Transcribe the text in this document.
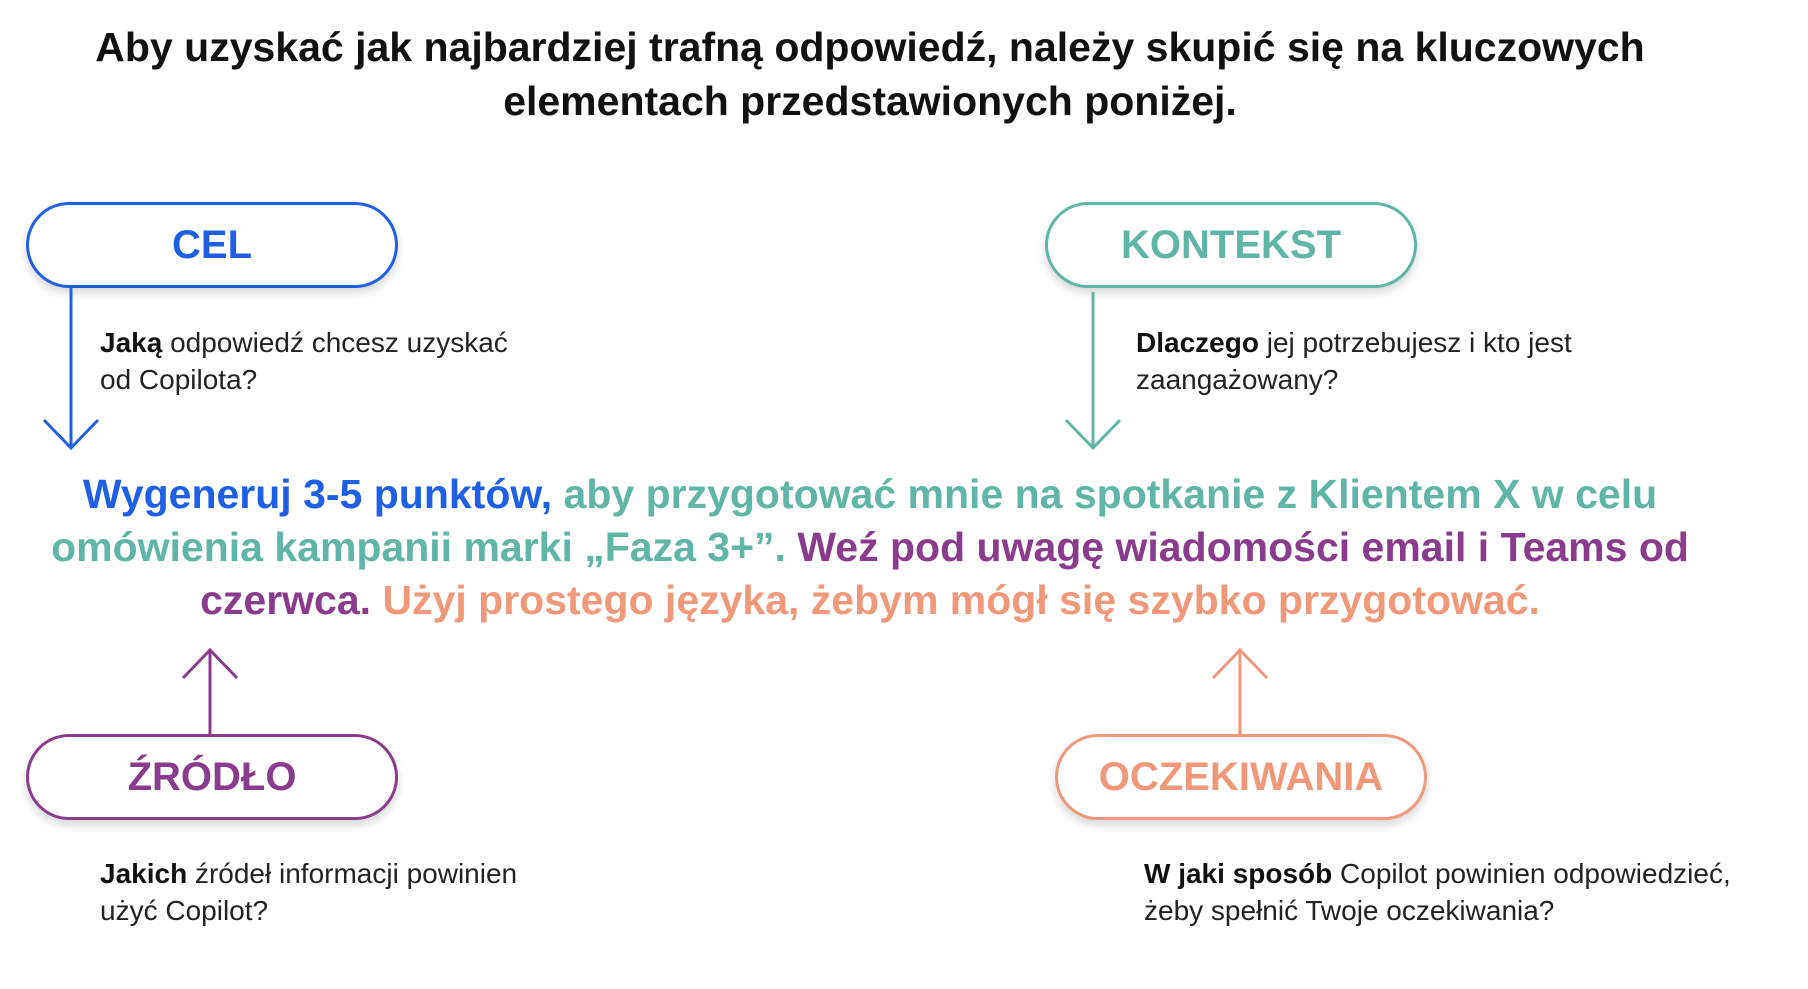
Aby uzyskać jak najbardziej trafną odpowiedź, należy skupić się na kluczowych
elementach przedstawionych poniżej.
CEL
Jaką odpowiedź chcesz uzyskać
od Copilota?
KONTEKST
Dlaczego jej potrzebujesz i kto jest
zaangażowany?
Wygeneruj 3-5 punktów, aby przygotować mnie na spotkanie z Klientem X w celu omówienia kampanii marki „Faza 3+”. Weź pod uwagę wiadomości email i Teams od czerwca. Użyj prostego języka, żebym mógł się szybko przygotować.
ŹRÓDŁO
Jakich źródeł informacji powinien
użyć Copilot?
OCZEKIWANIA
W jaki sposób Copilot powinien odpowiedzieć,
żeby spełnić Twoje oczekiwania?
